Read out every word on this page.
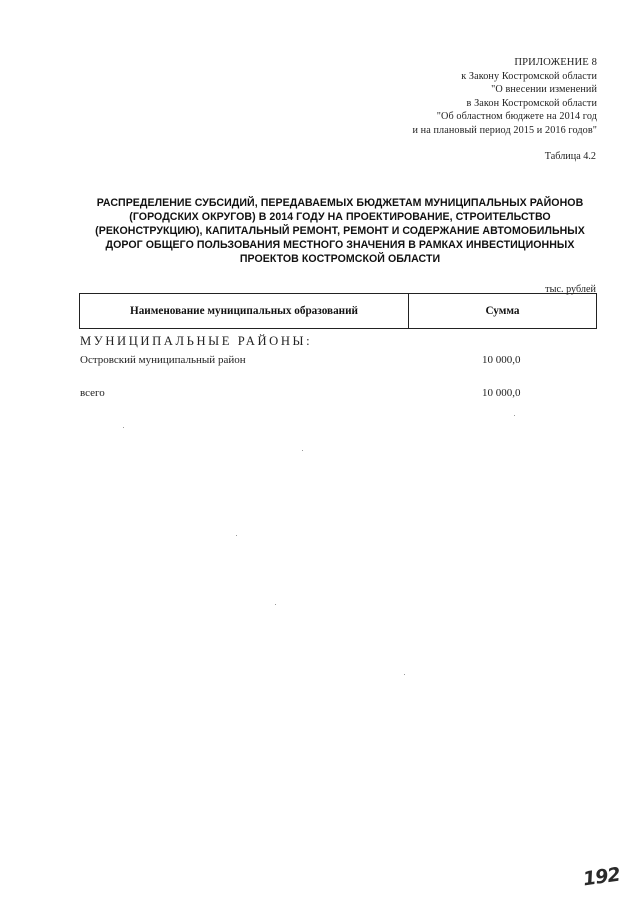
ПРИЛОЖЕНИЕ 8
к Закону Костромской области
"О внесении изменений
в Закон Костромской области
"Об областном бюджете на 2014 год
и на плановый период 2015 и 2016 годов"
Таблица 4.2
РАСПРЕДЕЛЕНИЕ СУБСИДИЙ, ПЕРЕДАВАЕМЫХ БЮДЖЕТАМ МУНИЦИПАЛЬНЫХ РАЙОНОВ
(ГОРОДСКИХ ОКРУГОВ) В 2014 ГОДУ НА ПРОЕКТИРОВАНИЕ, СТРОИТЕЛЬСТВО
(РЕКОНСТРУКЦИЮ), КАПИТАЛЬНЫЙ РЕМОНТ, РЕМОНТ И СОДЕРЖАНИЕ АВТОМОБИЛЬНЫХ
ДОРОГ ОБЩЕГО ПОЛЬЗОВАНИЯ МЕСТНОГО ЗНАЧЕНИЯ В РАМКАХ ИНВЕСТИЦИОННЫХ
ПРОЕКТОВ КОСТРОМСКОЙ ОБЛАСТИ
тыс. рублей
Наименование муниципальных образований	Сумма
МУНИЦИПАЛЬНЫЕ РАЙОНЫ:
Островский муниципальный район	10 000,0
всего	10 000,0
192
